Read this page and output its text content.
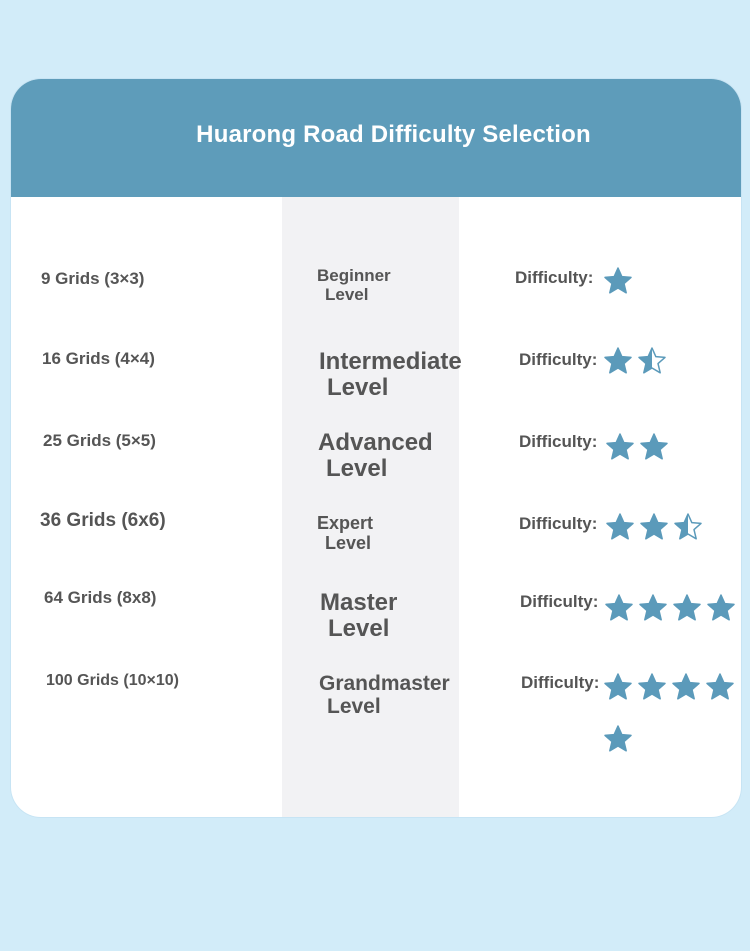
Huarong Road Difficulty Selection
9 Grids (3×3)	Beginner
Level
Difficulty:
16 Grids (4×4)	Intermediate
Level
Difficulty:
25 Grids (5×5)	Advanced
Level
Difficulty:
36 Grids (6x6)	Expert
Level
Difficulty:
64 Grids (8x8)	Master
Level
Difficulty:
100 Grids (10×10)	Grandmaster
Level
Difficulty:
